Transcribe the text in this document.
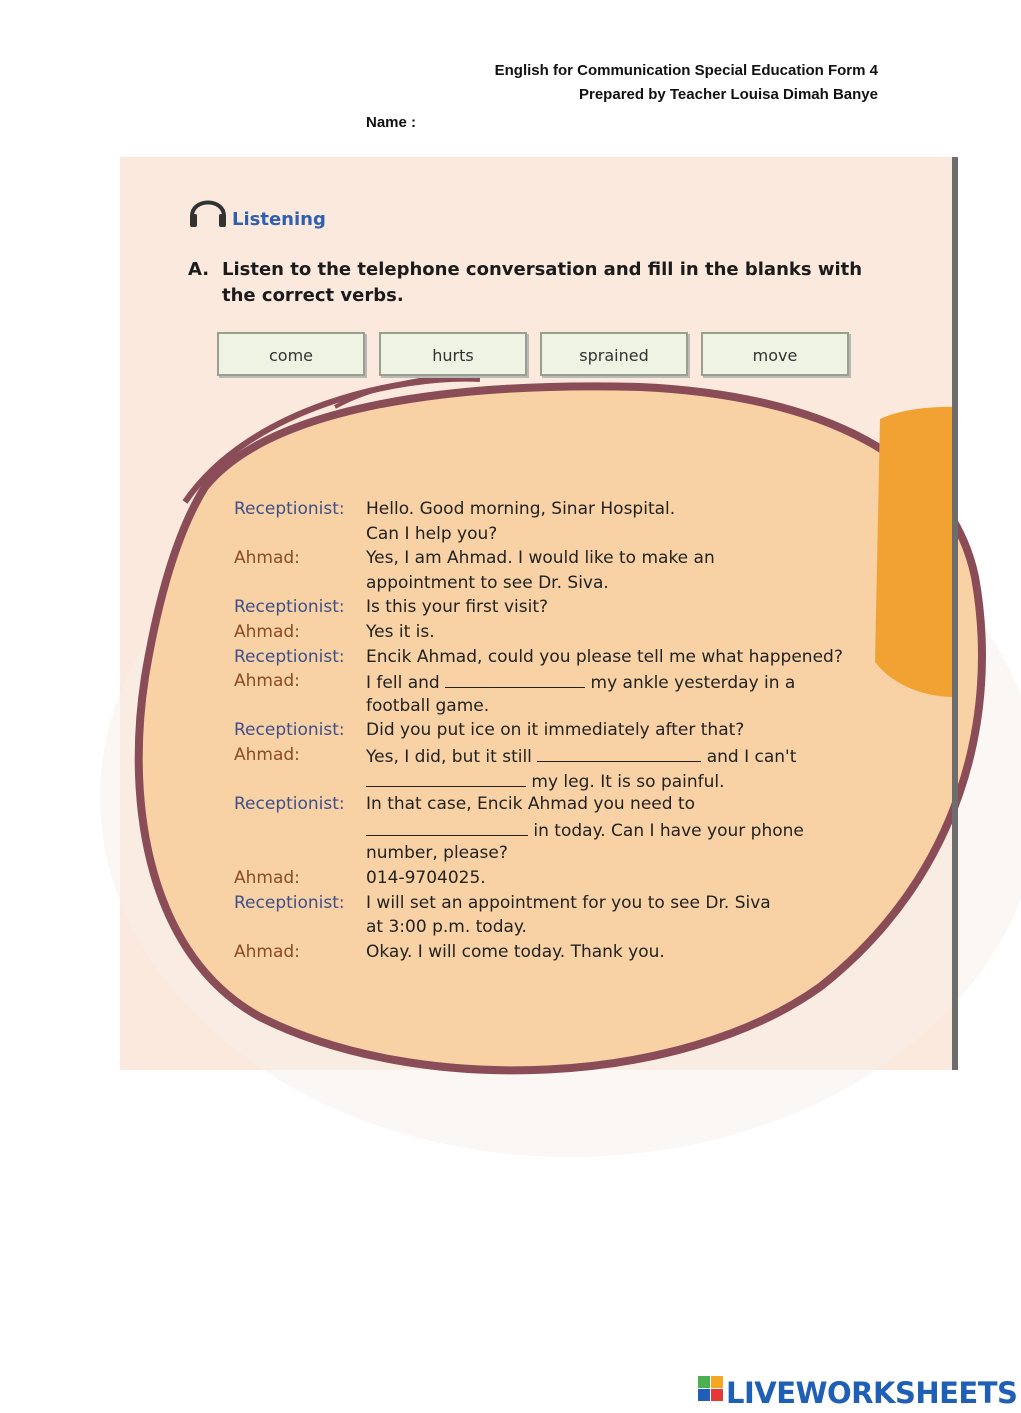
English for Communication Special Education Form 4
Prepared by Teacher Louisa Dimah Banye
Name :
Listening
A. Listen to the telephone conversation and fill in the blanks with the correct verbs.
come	hurts	sprained	move
THEME 2 Health and Environment
Receptionist: Hello. Good morning, Sinar Hospital.
Can I help you?
Ahmad:	Yes, I am Ahmad. I would like to make an
appointment to see Dr. Siva.
Receptionist: Is this your first visit?
Ahmad:	Yes it is.
Receptionist: Encik Ahmad, could you please tell me what happened?
Ahmad:	I fell and	my ankle yesterday in a
football game.
Receptionist: Did you put ice on it immediately after that?
Ahmad:	Yes, I did, but it still	and I can't
my leg. It is so painful.
Receptionist: In that case, Encik Ahmad you need to
in today. Can I have your phone
number, please?
Ahmad:	014-9704025.
Receptionist: I will set an appointment for you to see Dr. Siva
at 3:00 p.m. today.
Ahmad:	Okay. I will come today. Thank you.
LIVEWORKSHEETS
